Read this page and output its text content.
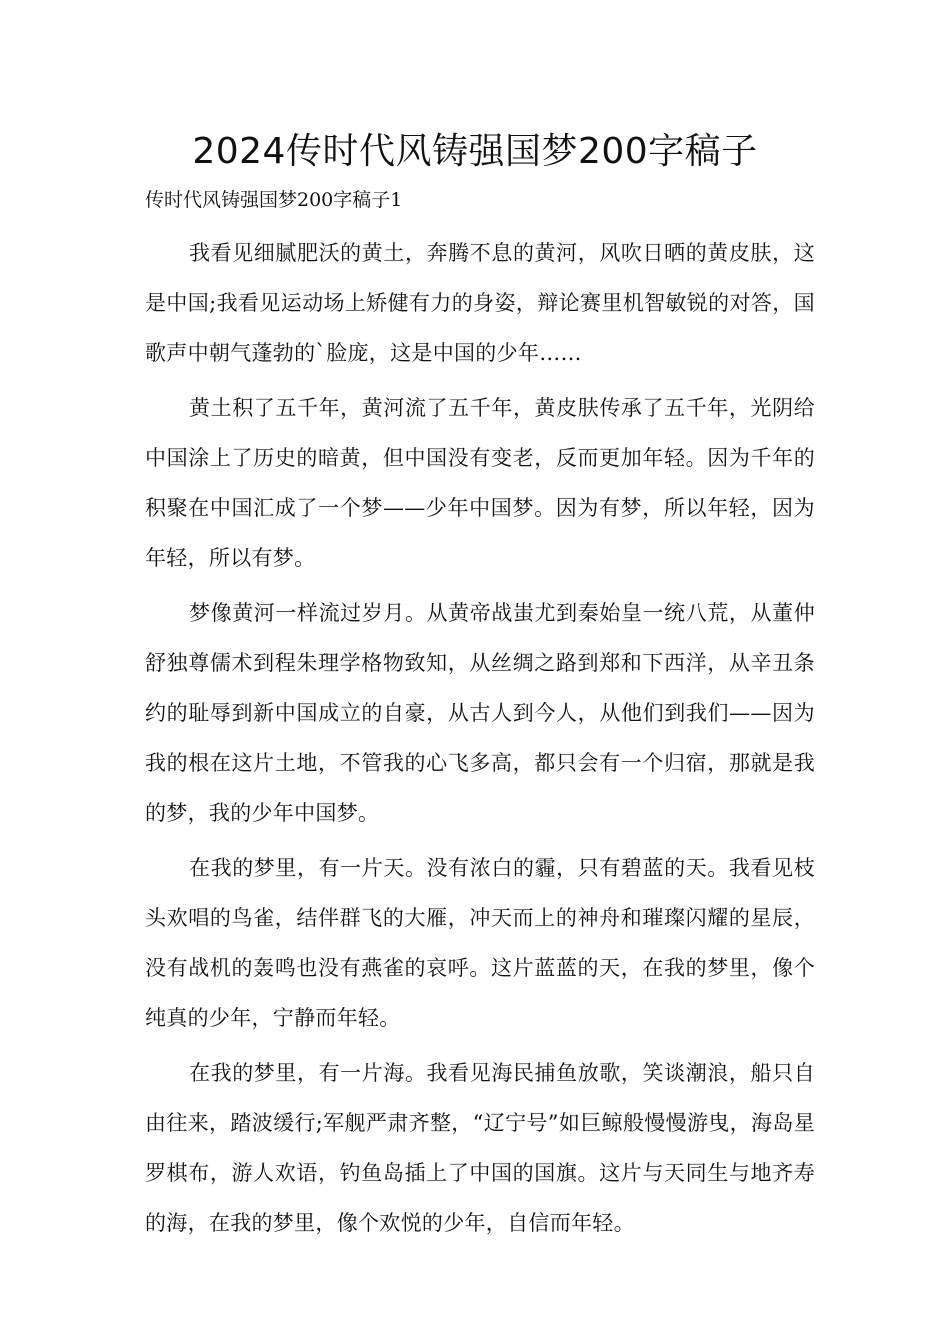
2024传时代风铸强国梦200字稿子

传时代风铸强国梦200字稿子1

我看见细腻肥沃的黄土，奔腾不息的黄河，风吹日晒的黄皮肤，这是中国;我看见运动场上矫健有力的身姿，辩论赛里机智敏锐的对答，国歌声中朝气蓬勃的`脸庞，这是中国的少年……

黄土积了五千年，黄河流了五千年，黄皮肤传承了五千年，光阴给中国涂上了历史的暗黄，但中国没有变老，反而更加年轻。因为千年的积聚在中国汇成了一个梦——少年中国梦。因为有梦，所以年轻，因为年轻，所以有梦。

梦像黄河一样流过岁月。从黄帝战蚩尤到秦始皇一统八荒，从董仲舒独尊儒术到程朱理学格物致知，从丝绸之路到郑和下西洋，从辛丑条约的耻辱到新中国成立的自豪，从古人到今人，从他们到我们——因为我的根在这片土地，不管我的心飞多高，都只会有一个归宿，那就是我的梦，我的少年中国梦。

在我的梦里，有一片天。没有浓白的霾，只有碧蓝的天。我看见枝头欢唱的鸟雀，结伴群飞的大雁，冲天而上的神舟和璀璨闪耀的星辰，没有战机的轰鸣也没有燕雀的哀呼。这片蓝蓝的天，在我的梦里，像个纯真的少年，宁静而年轻。

在我的梦里，有一片海。我看见海民捕鱼放歌，笑谈潮浪，船只自由往来，踏波缓行;军舰严肃齐整，“辽宁号”如巨鲸般慢慢游曳，海岛星罗棋布，游人欢语，钓鱼岛插上了中国的国旗。这片与天同生与地齐寿的海，在我的梦里，像个欢悦的少年，自信而年轻。
